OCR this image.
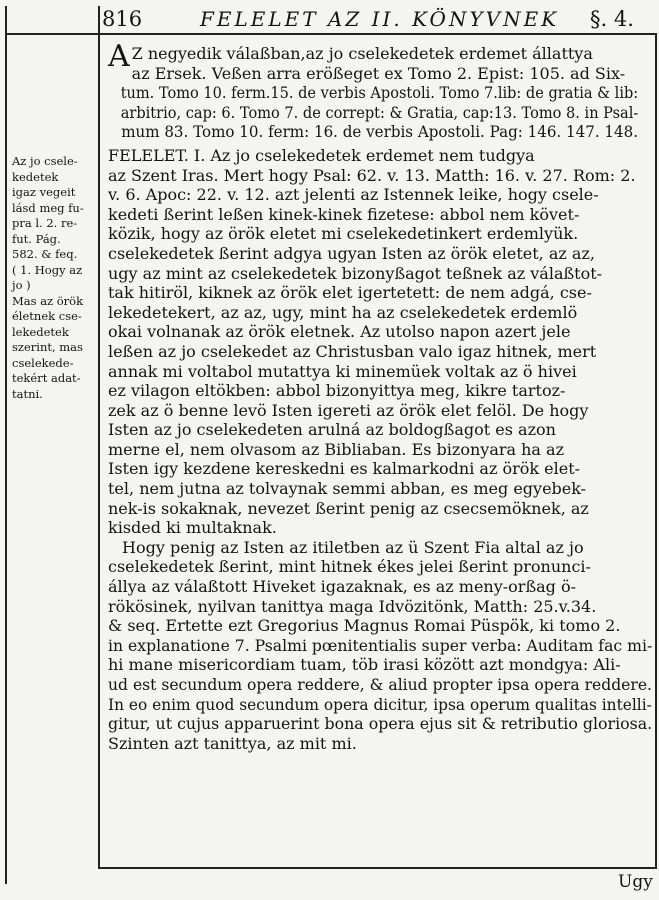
816	FELELET AZ II. KÖNYVNEK §. 4.
Az jo csele-
kedetek
igaz vegeit
lásd meg fu-
pra l. 2. re-
fut. Pág.
582. & feq.
( 1. Hogy az
jo )
Mas az örök
életnek cse-
lekedetek
szerint, mas
cselekede-
tekért adat-
tatni.
A Z negyedik válaßban,az jo cselekedetek erdemet állattya
az Ersek. Veßen arra erößeget ex Tomo 2. Epist: 105. ad Six-
tum. Tomo 10. ferm.15. de verbis Apostoli. Tomo 7.lib: de gratia & lib:
arbitrio, cap: 6. Tomo 7. de corrept: & Gratia, cap:13. Tomo 8. in Psal-
mum 83. Tomo 10. ferm: 16. de verbis Apostoli. Pag: 146. 147. 148.
FELELET. I. Az jo cselekedetek erdemet nem tudgya
az Szent Iras. Mert hogy Psal: 62. v. 13. Matth: 16. v. 27. Rom: 2.
v. 6. Apoc: 22. v. 12. azt jelenti az Istennek leike, hogy csele-
kedeti ßerint leßen kinek-kinek fizetese: abbol nem követ-
közik, hogy az örök eletet mi cselekedetinkert erdemlyük.
cselekedetek ßerint adgya ugyan Isten az örök eletet, az az,
ugy az mint az cselekedetek bizonyßagot teßnek az válaßtot-
tak hitiröl, kiknek az örök elet igertetett: de nem adgá, cse-
lekedetekert, az az, ugy, mint ha az cselekedetek erdemlö
okai volnanak az örök eletnek. Az utolso napon azert jele
leßen az jo cselekedet az Christusban valo igaz hitnek, mert
annak mi voltabol mutattya ki minemüek voltak az ö hivei
ez vilagon eltökben: abbol bizonyittya meg, kikre tartoz-
zek az ö benne levö Isten igereti az örök elet felöl. De hogy
Isten az jo cselekedeten arulná az boldogßagot es azon
merne el, nem olvasom az Bibliaban. Es bizonyara ha az
Isten igy kezdene kereskedni es kalmarkodni az örök elet-
tel, nem jutna az tolvaynak semmi abban, es meg egyebek-
nek-is sokaknak, nevezet ßerint penig az csecsemöknek, az
kisded ki multaknak.
Hogy penig az Isten az itiletben az ü Szent Fia altal az jo
cselekedetek ßerint, mint hitnek ékes jelei ßerint pronunci-
állya az válaßtott Hiveket igazaknak, es az meny-orßag ö-
rökösinek, nyilvan tanittya maga Idvözitönk, Matth: 25.v.34.
& seq. Ertette ezt Gregorius Magnus Romai Püspök, ki tomo 2.
in explanatione 7. Psalmi pœnitentialis super verba: Auditam fac mi-
hi mane misericordiam tuam, töb irasi között azt mondgya: Ali-
ud est secundum opera reddere, & aliud propter ipsa opera reddere.
In eo enim quod secundum opera dicitur, ipsa operum qualitas intelli-
gitur, ut cujus apparuerint bona opera ejus sit & retributio gloriosa.
Szinten azt tanittya, az mit mi.
Ugy
